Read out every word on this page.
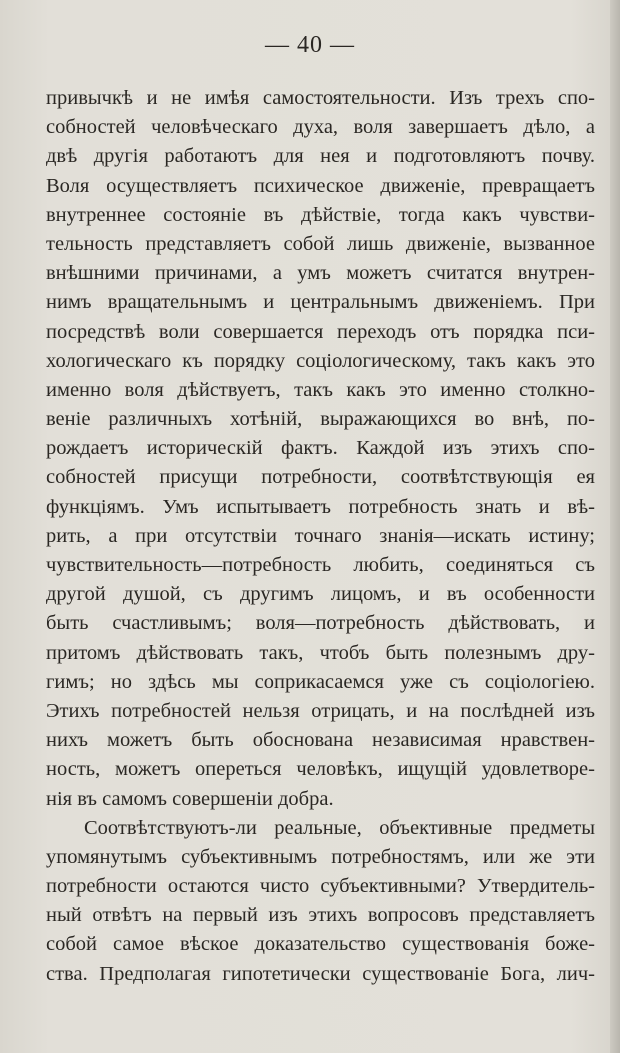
— 40 —
привычкѣ и не имѣя самостоятельности. Изъ трехъ спо-
собностей человѣческаго духа, воля завершаетъ дѣло, а
двѣ другія работаютъ для нея и подготовляютъ почву.
Воля осуществляетъ психическое движеніе, превращаетъ
внутреннее состояніе въ дѣйствіе, тогда какъ чувстви-
тельность представляетъ собой лишь движеніе, вызванное
внѣшними причинами, а умъ можетъ считатся внутрен-
нимъ вращательнымъ и центральнымъ движеніемъ. При
посредствѣ воли совершается переходъ отъ порядка пси-
хологическаго къ порядку соціологическому, такъ какъ это
именно воля дѣйствуетъ, такъ какъ это именно столкно-
веніе различныхъ хотѣній, выражающихся во внѣ, по-
рождаетъ историческій фактъ. Каждой изъ этихъ спо-
собностей присущи потребности, соотвѣтствующія ея
функціямъ. Умъ испытываетъ потребность знать и вѣ-
рить, а при отсутствіи точнаго знанія—искать истину;
чувствительность—потребность любить, соединяться съ
другой душой, съ другимъ лицомъ, и въ особенности
быть счастливымъ; воля—потребность дѣйствовать, и
притомъ дѣйствовать такъ, чтобъ быть полезнымъ дру-
гимъ; но здѣсь мы соприкасаемся уже съ соціологіею.
Этихъ потребностей нельзя отрицать, и на послѣдней изъ
нихъ можетъ быть обоснована независимая нравствен-
ность, можетъ опереться человѣкъ, ищущій удовлетворе-
нія въ самомъ совершеніи добра.
Соотвѣтствуютъ-ли реальные, объективные предметы
упомянутымъ субъективнымъ потребностямъ, или же эти
потребности остаются чисто субъективными? Утвердитель-
ный отвѣтъ на первый изъ этихъ вопросовъ представляетъ
собой самое вѣское доказательство существованія боже-
ства. Предполагая гипотетически существованіе Бога, лич-
